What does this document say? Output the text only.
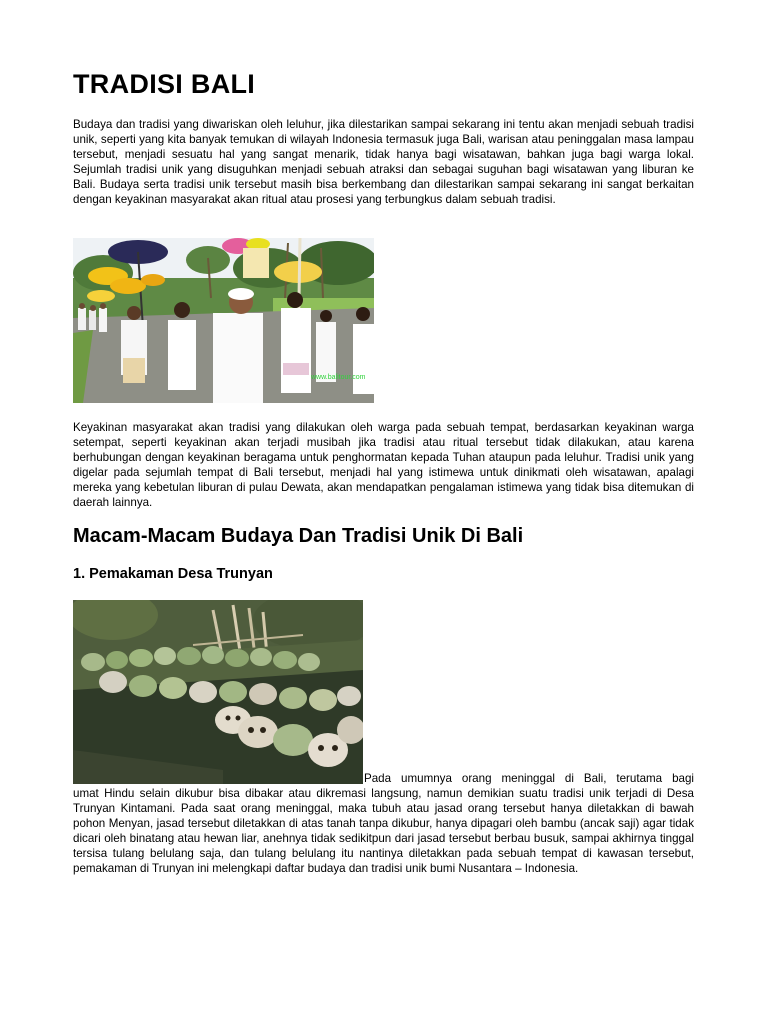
TRADISI BALI

Budaya dan tradisi yang diwariskan oleh leluhur, jika dilestarikan sampai sekarang ini tentu akan menjadi sebuah tradisi unik, seperti yang kita banyak temukan di wilayah Indonesia termasuk juga Bali, warisan atau peninggalan masa lampau tersebut, menjadi sesuatu hal yang sangat menarik, tidak hanya bagi wisatawan, bahkan juga bagi warga lokal. Sejumlah tradisi unik yang disuguhkan menjadi sebuah atraksi dan sebagai suguhan bagi wisatawan yang liburan ke Bali. Budaya serta tradisi unik tersebut masih bisa berkembang dan dilestarikan sampai sekarang ini sangat berkaitan dengan keyakinan masyarakat akan ritual atau prosesi yang terbungkus dalam sebuah tradisi.

www.balitour.com

Keyakinan masyarakat akan tradisi yang dilakukan oleh warga pada sebuah tempat, berdasarkan keyakinan warga setempat, seperti keyakinan akan terjadi musibah jika tradisi atau ritual tersebut tidak dilakukan, atau karena berhubungan dengan keyakinan beragama untuk penghormatan kepada Tuhan ataupun pada leluhur. Tradisi unik yang digelar pada sejumlah tempat di Bali tersebut, menjadi hal yang istimewa untuk dinikmati oleh wisatawan, apalagi mereka yang kebetulan liburan di pulau Dewata, akan mendapatkan pengalaman istimewa yang tidak bisa ditemukan di daerah lainnya.

Macam-Macam Budaya Dan Tradisi Unik Di Bali
1. Pemakaman Desa Trunyan

Pada umumnya orang meninggal di Bali, terutama bagi

umat Hindu selain dikubur bisa dibakar atau dikremasi langsung, namun demikian suatu tradisi unik terjadi di Desa Trunyan Kintamani. Pada saat orang meninggal, maka tubuh atau jasad orang tersebut hanya diletakkan di bawah pohon Menyan, jasad tersebut diletakkan di atas tanah tanpa dikubur, hanya dipagari oleh bambu (ancak saji) agar tidak dicari oleh binatang atau hewan liar, anehnya tidak sedikitpun dari jasad tersebut berbau busuk, sampai akhirnya tinggal tersisa tulang belulang saja, dan tulang belulang itu nantinya diletakkan pada sebuah tempat di kawasan tersebut, pemakaman di Trunyan ini melengkapi daftar budaya dan tradisi unik bumi Nusantara – Indonesia.
